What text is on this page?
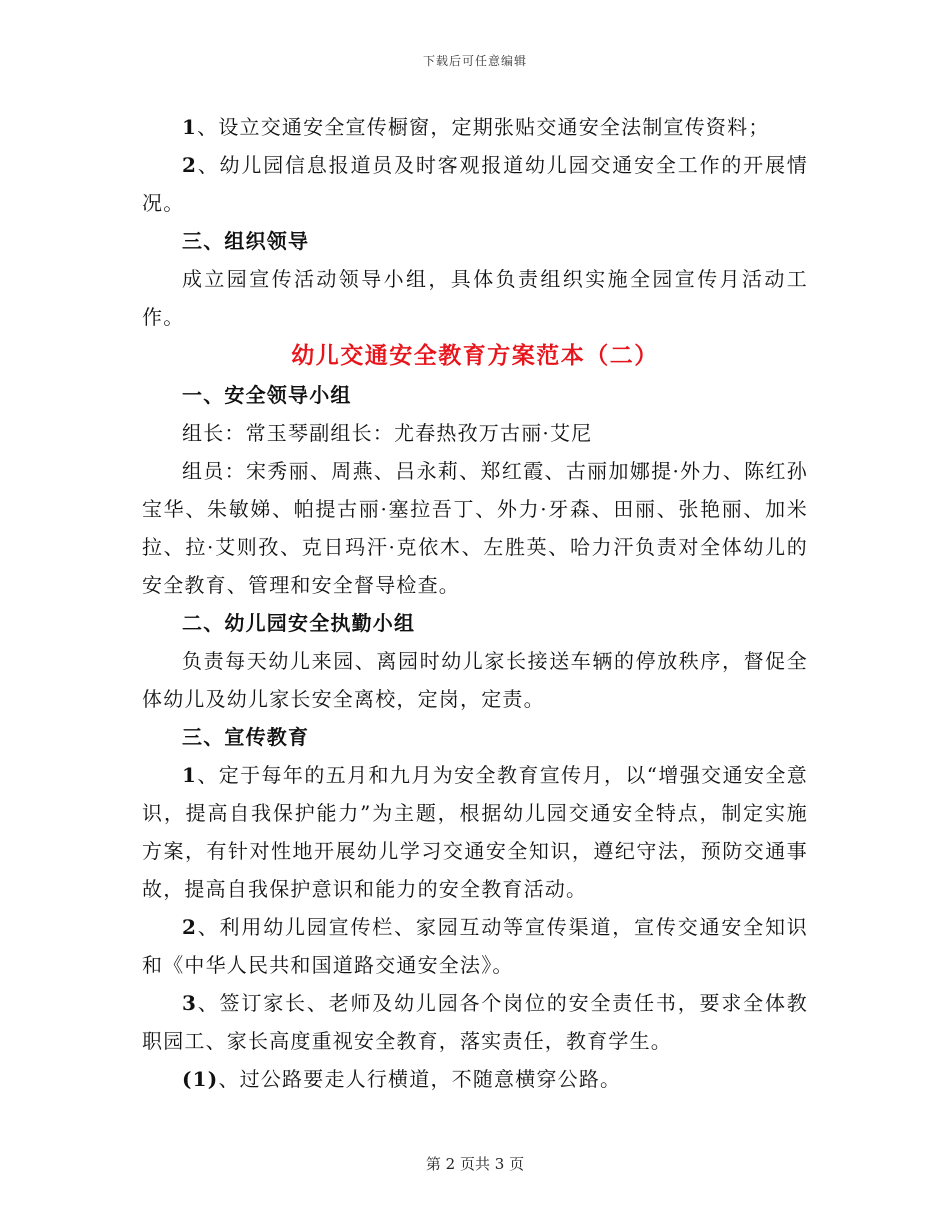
下载后可任意编辑

1、设立交通安全宣传橱窗，定期张贴交通安全法制宣传资料；

2、幼儿园信息报道员及时客观报道幼儿园交通安全工作的开展情况。

三、组织领导

成立园宣传活动领导小组，具体负责组织实施全园宣传月活动工作。

幼儿交通安全教育方案范本（二）

一、安全领导小组

组长：常玉琴副组长：尤春热孜万古丽·艾尼

组员：宋秀丽、周燕、吕永莉、郑红霞、古丽加娜提·外力、陈红孙宝华、朱敏娣、帕提古丽·塞拉吾丁、外力·牙森、田丽、张艳丽、加米拉、拉·艾则孜、克日玛汗·克依木、左胜英、哈力汗负责对全体幼儿的安全教育、管理和安全督导检查。

二、幼儿园安全执勤小组

负责每天幼儿来园、离园时幼儿家长接送车辆的停放秩序，督促全体幼儿及幼儿家长安全离校，定岗，定责。

三、宣传教育

1、定于每年的五月和九月为安全教育宣传月，以“增强交通安全意识，提高自我保护能力”为主题，根据幼儿园交通安全特点，制定实施方案，有针对性地开展幼儿学习交通安全知识，遵纪守法，预防交通事故，提高自我保护意识和能力的安全教育活动。

2、利用幼儿园宣传栏、家园互动等宣传渠道，宣传交通安全知识和《中华人民共和国道路交通安全法》。

3、签订家长、老师及幼儿园各个岗位的安全责任书，要求全体教职园工、家长高度重视安全教育，落实责任，教育学生。

(1)、过公路要走人行横道，不随意横穿公路。

第 2 页共 3 页
